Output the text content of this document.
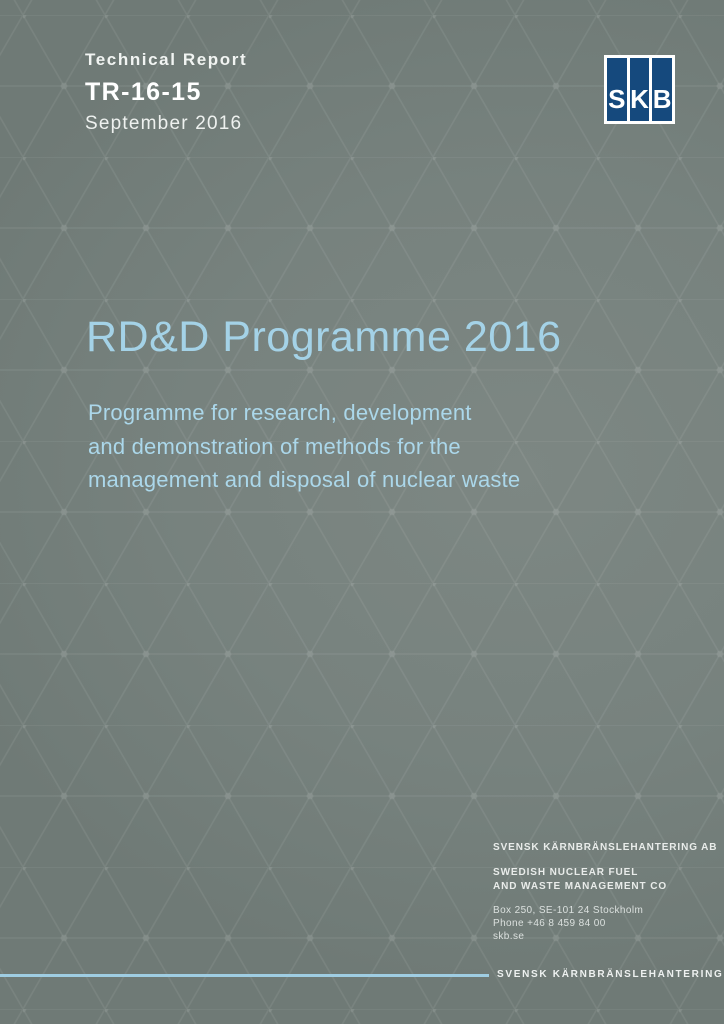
Technical Report
TR-16-15
September 2016
S K B
RD&D Programme 2016
Programme for research, development
and demonstration of methods for the
management and disposal of nuclear waste
SVENSK KÄRNBRÄNSLEHANTERING AB
SWEDISH NUCLEAR FUEL
AND WASTE MANAGEMENT CO
Box 250, SE-101 24 Stockholm
Phone +46 8 459 84 00
skb.se
SVENSK KÄRNBRÄNSLEHANTERING
